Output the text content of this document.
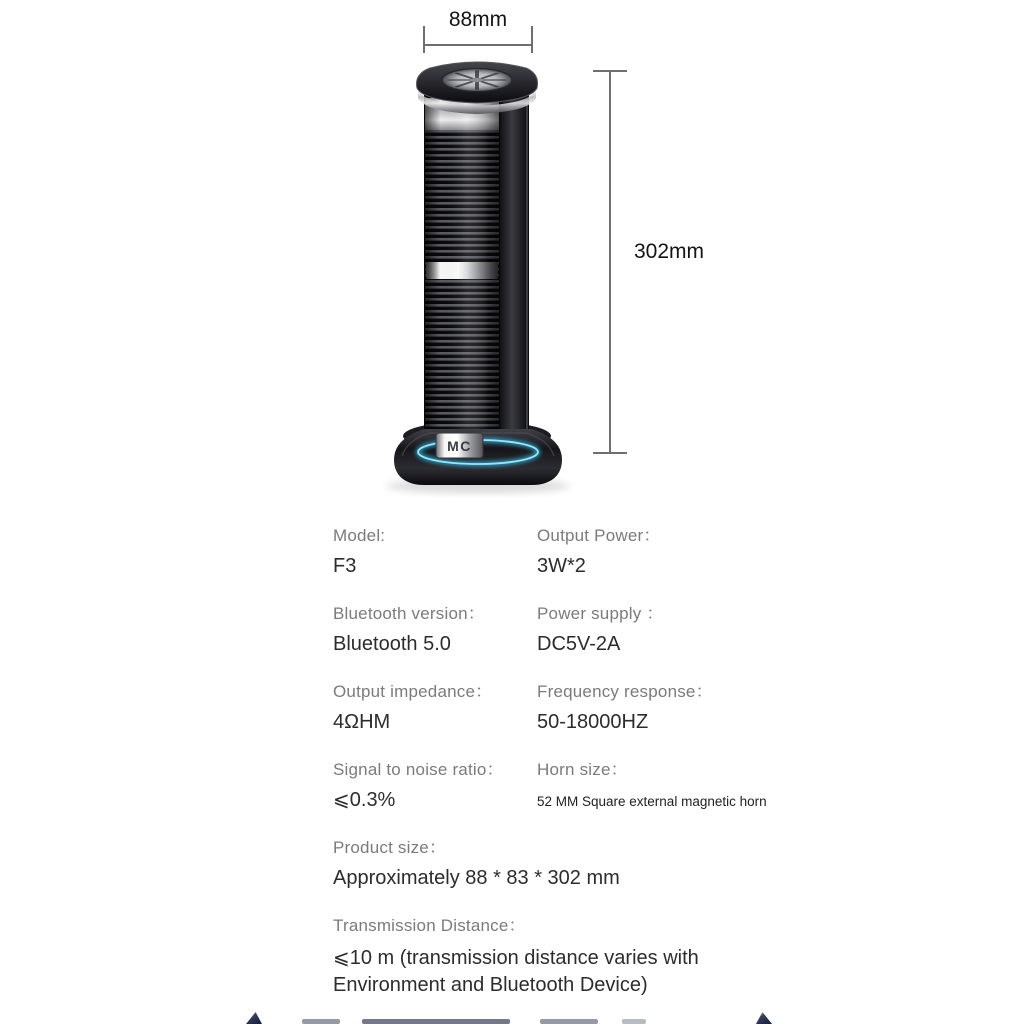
88mm
302mm
MC
Model:
F3
Output Power：
3W*2
Bluetooth version：
Bluetooth 5.0
Power supply ：
DC5V-2A
Output impedance：
4ΩHM
Frequency response：
50-18000HZ
Signal to noise ratio：
⩽0.3%
Horn size：
52 MM Square external magnetic horn
Product size：
Approximately 88 * 83 * 302 mm
Transmission Distance：
⩽10 m (transmission distance varies with Environment and Bluetooth Device)
